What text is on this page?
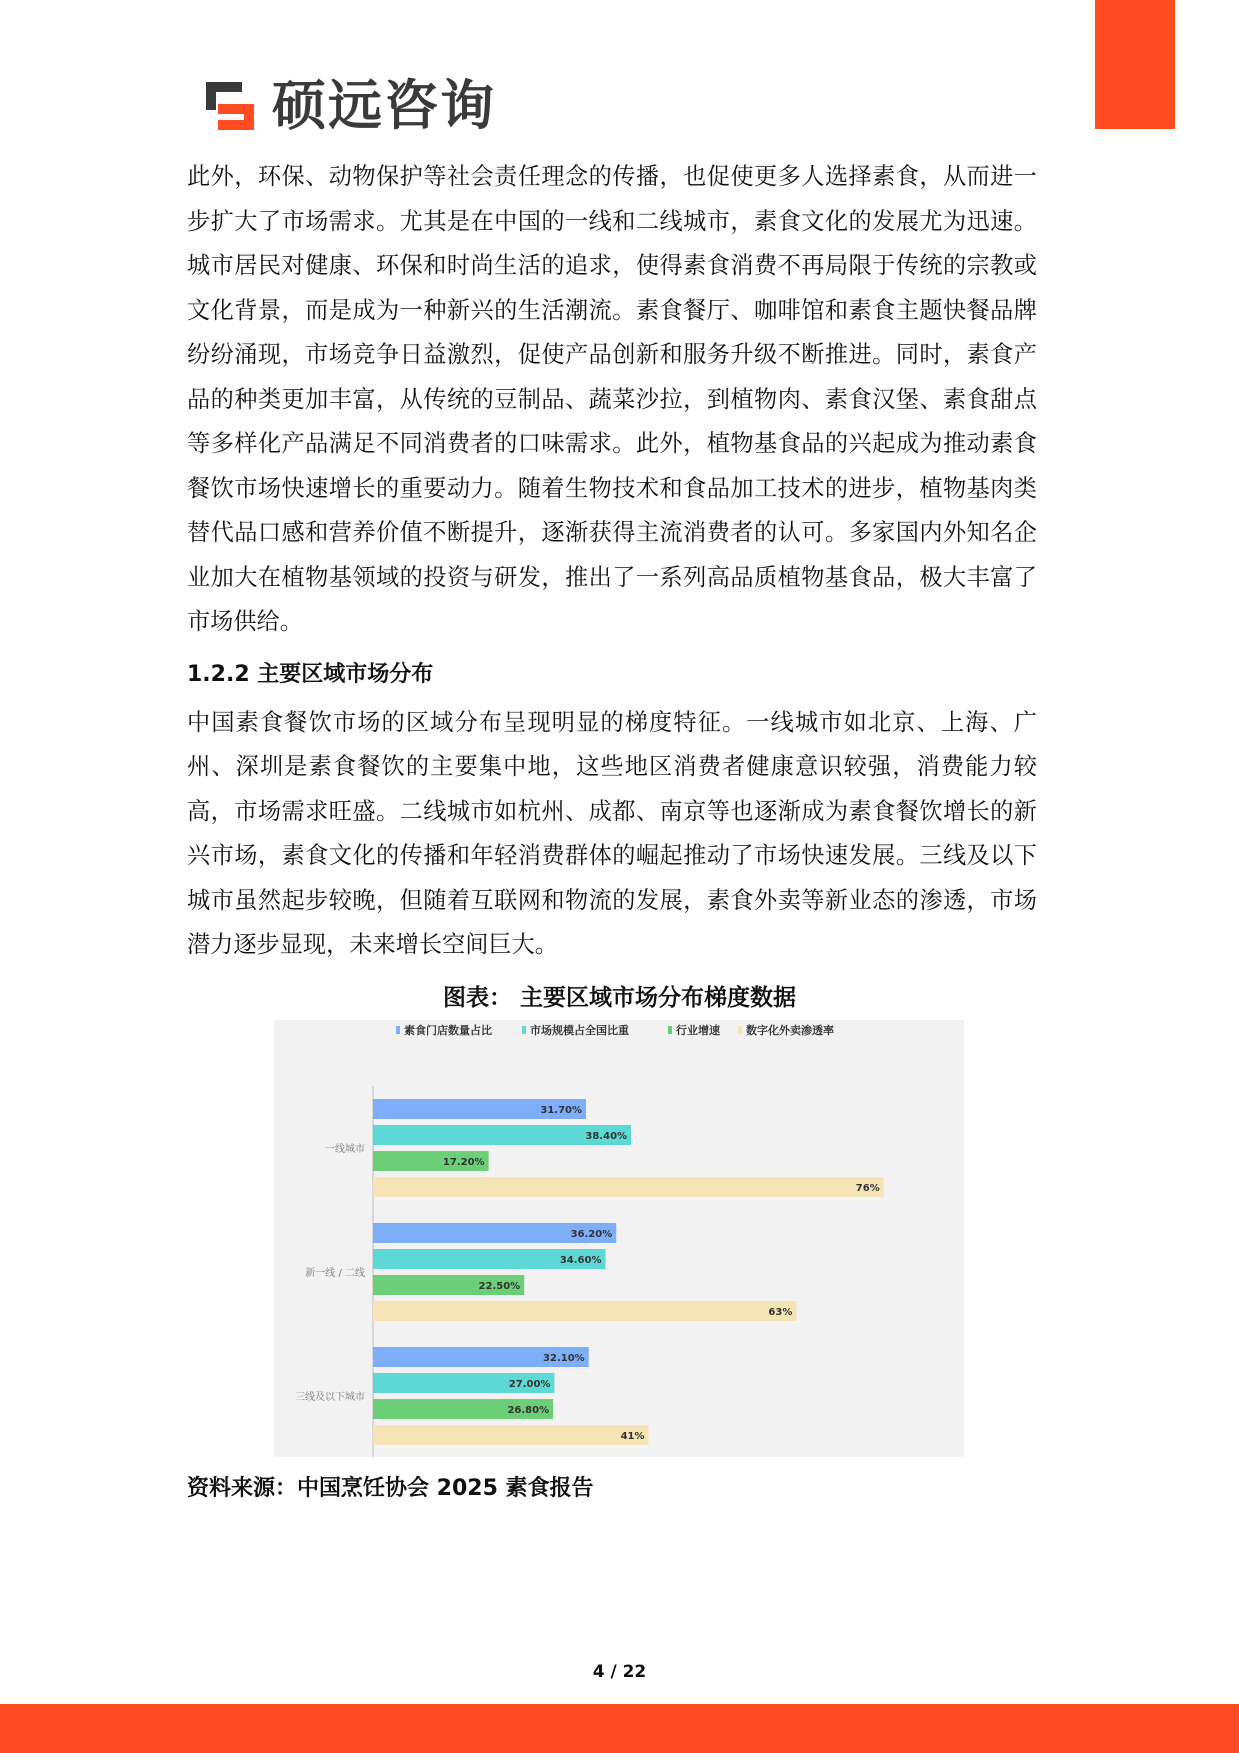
硕远咨询

此外，环保、动物保护等社会责任理念的传播，也促使更多人选择素食，从而进一步扩大了市场需求。尤其是在中国的一线和二线城市，素食文化的发展尤为迅速。城市居民对健康、环保和时尚生活的追求，使得素食消费不再局限于传统的宗教或文化背景，而是成为一种新兴的生活潮流。素食餐厅、咖啡馆和素食主题快餐品牌纷纷涌现，市场竞争日益激烈，促使产品创新和服务升级不断推进。同时，素食产品的种类更加丰富，从传统的豆制品、蔬菜沙拉，到植物肉、素食汉堡、素食甜点等多样化产品满足不同消费者的口味需求。此外，植物基食品的兴起成为推动素食餐饮市场快速增长的重要动力。随着生物技术和食品加工技术的进步，植物基肉类替代品口感和营养价值不断提升，逐渐获得主流消费者的认可。多家国内外知名企业加大在植物基领域的投资与研发，推出了一系列高品质植物基食品，极大丰富了市场供给。

1.2.2 主要区域市场分布

中国素食餐饮市场的区域分布呈现明显的梯度特征。一线城市如北京、上海、广州、深圳是素食餐饮的主要集中地，这些地区消费者健康意识较强，消费能力较高，市场需求旺盛。二线城市如杭州、成都、南京等也逐渐成为素食餐饮增长的新兴市场，素食文化的传播和年轻消费群体的崛起推动了市场快速发展。三线及以下城市虽然起步较晚，但随着互联网和物流的发展，素食外卖等新业态的渗透，市场潜力逐步显现，未来增长空间巨大。

图表： 主要区域市场分布梯度数据
素食门店数量占比	市场规模占全国比重	行业增速 数字化外卖渗透率
一线城市
31.70%
38.40%
17.20%
76%
新一线 / 二线
36.20%
34.60%
22.50%
63%
三线及以下城市
32.10%
27.00%
26.80%
41%
资料来源：中国烹饪协会 2025 素食报告
4 / 22
